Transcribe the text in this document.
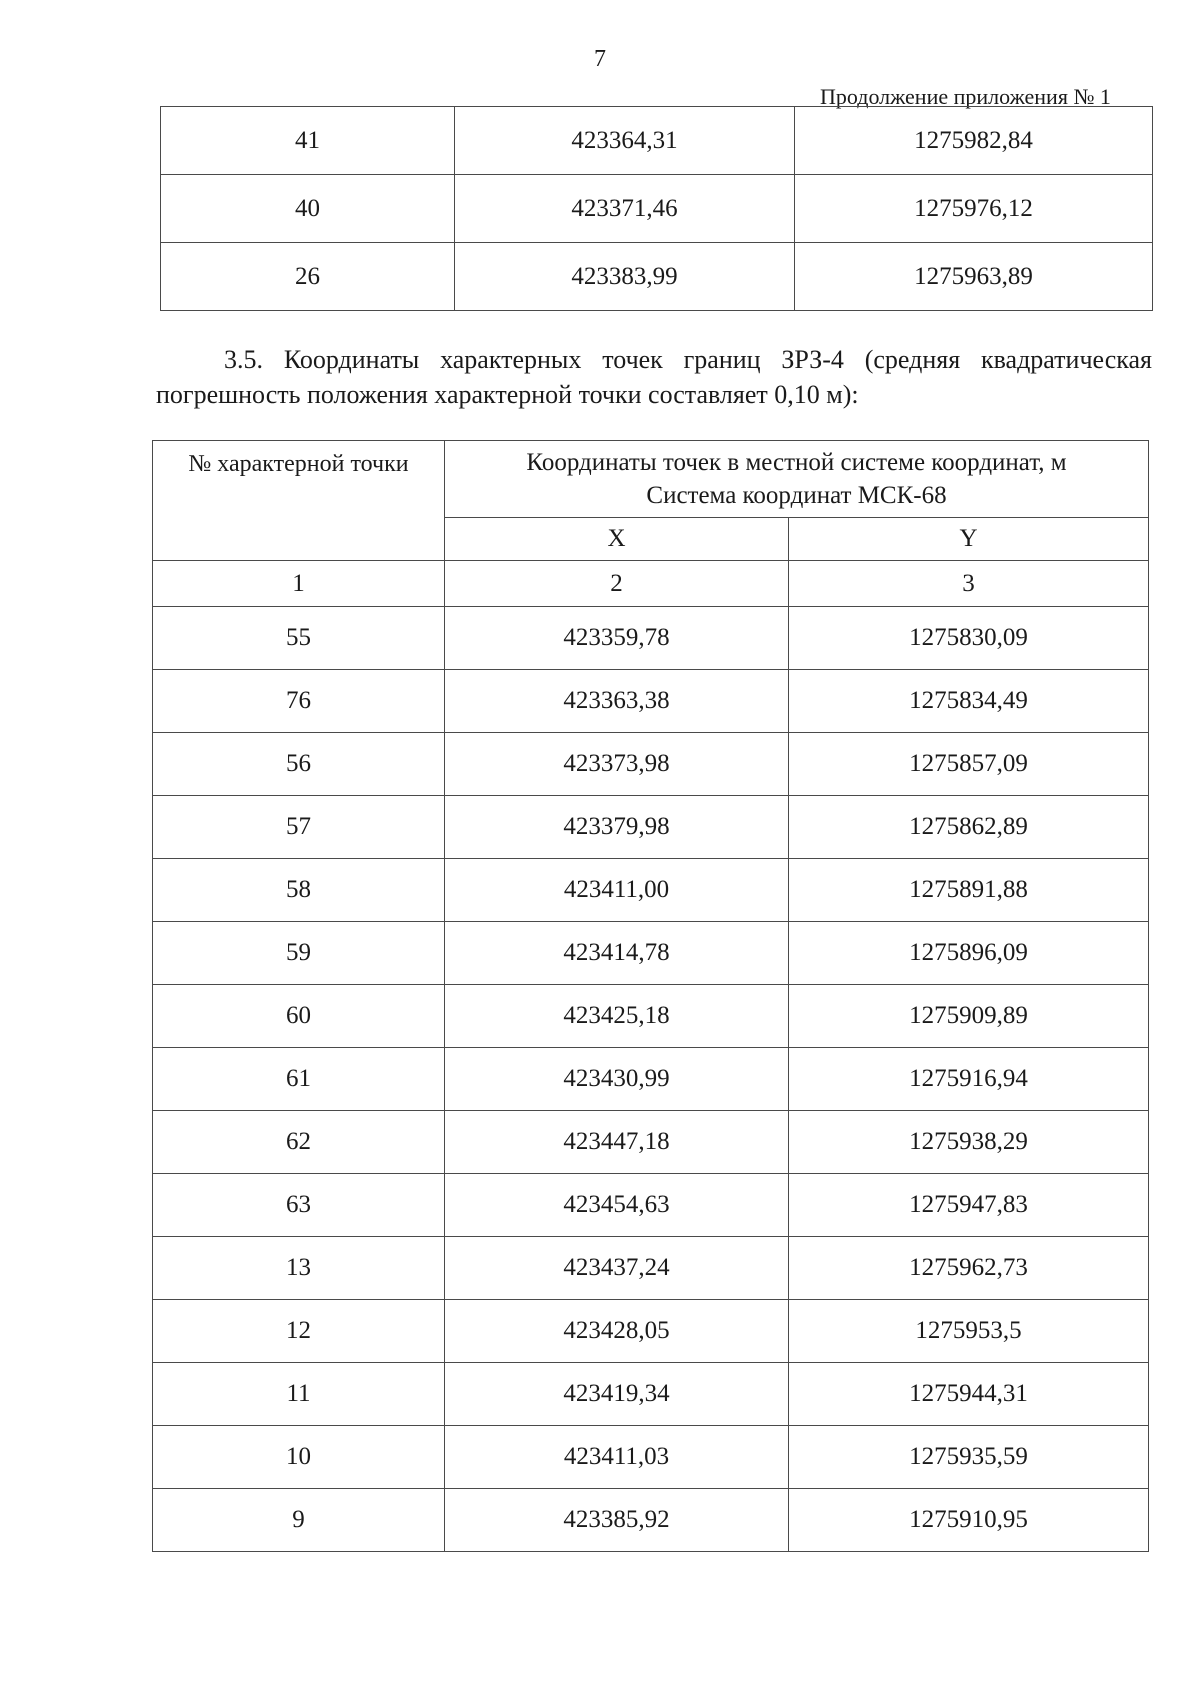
7
Продолжение приложения № 1
41	423364,31	1275982,84
40	423371,46	1275976,12
26	423383,99	1275963,89

3.5. Координаты характерных точек границ ЗРЗ-4 (средняя квадратическая погрешность положения характерной точки составляет 0,10 м):

№ характерной точки	Координаты точек в местной системе координат, м
Система координат МСК-68	

	X	Y
1	2	3
55	423359,78	1275830,09
76	423363,38	1275834,49
56	423373,98	1275857,09
57	423379,98	1275862,89
58	423411,00	1275891,88
59	423414,78	1275896,09
60	423425,18	1275909,89
61	423430,99	1275916,94
62	423447,18	1275938,29
63	423454,63	1275947,83
13	423437,24	1275962,73
12	423428,05	1275953,5
11	423419,34	1275944,31
10	423411,03	1275935,59
9	423385,92	1275910,95
